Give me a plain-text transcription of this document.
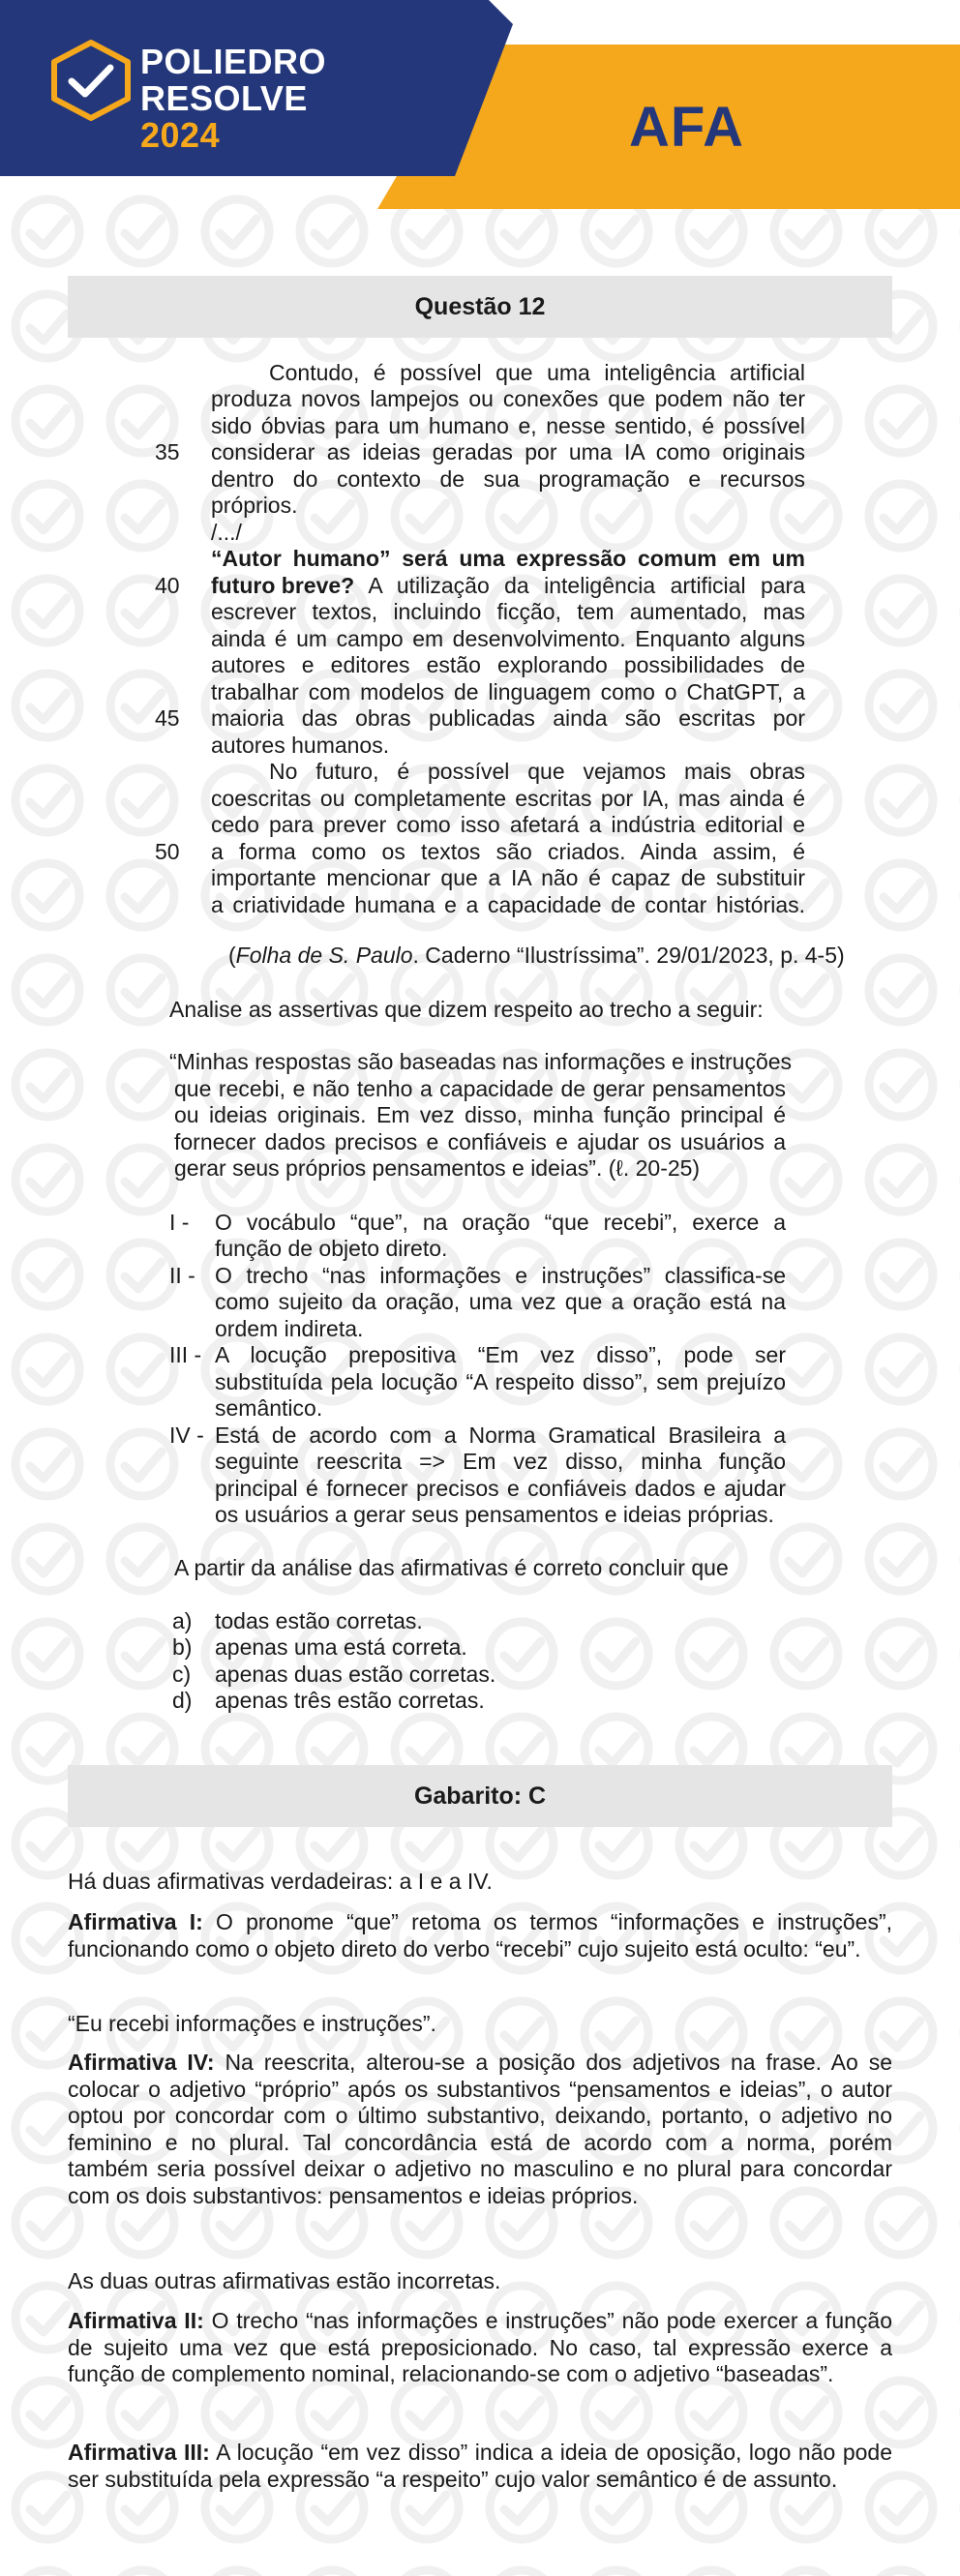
POLIEDRO
RESOLVE
2024	AFA
Questão 12
Contudo, é possível que uma inteligência artificial
produza novos lampejos ou conexões que podem não ter
sido óbvias para um humano e, nesse sentido, é possível
considerar as ideias geradas por uma IA como originais
dentro do contexto de sua programação e recursos
próprios.
/.../
“Autor humano” será uma expressão comum em um
futuro breve? A utilização da inteligência artificial para
escrever textos, incluindo ficção, tem aumentado, mas
ainda é um campo em desenvolvimento. Enquanto alguns
autores e editores estão explorando possibilidades de
trabalhar com modelos de linguagem como o ChatGPT, a
maioria das obras publicadas ainda são escritas por
autores humanos.
No futuro, é possível que vejamos mais obras
coescritas ou completamente escritas por IA, mas ainda é
cedo para prever como isso afetará a indústria editorial e
a forma como os textos são criados. Ainda assim, é
importante mencionar que a IA não é capaz de substituir
a criatividade humana e a capacidade de contar histórias.
35
40
45
50
(Folha de S. Paulo. Caderno “Ilustríssima”. 29/01/2023, p. 4-5)
Analise as assertivas que dizem respeito ao trecho a seguir:
“Minhas respostas são baseadas nas informações e instruções
que recebi, e não tenho a capacidade de gerar pensamentos
ou ideias originais. Em vez disso, minha função principal é
fornecer dados precisos e confiáveis e ajudar os usuários a
gerar seus próprios pensamentos e ideias”. (ℓ. 20-25)
I - O vocábulo “que”, na oração “que recebi”, exerce a
função de objeto direto.
II - O trecho “nas informações e instruções” classifica-se
como sujeito da oração, uma vez que a oração está na
ordem indireta.
III - A locução prepositiva “Em vez disso”, pode ser
substituída pela locução “A respeito disso”, sem prejuízo
semântico.
IV - Está de acordo com a Norma Gramatical Brasileira a
seguinte reescrita => Em vez disso, minha função
principal é fornecer precisos e confiáveis dados e ajudar
os usuários a gerar seus pensamentos e ideias próprias.
A partir da análise das afirmativas é correto concluir que
a) todas estão corretas.
b) apenas uma está correta.
c) apenas duas estão corretas.
d) apenas três estão corretas.
Gabarito: C
Há duas afirmativas verdadeiras: a I e a IV.
Afirmativa I: O pronome “que” retoma os termos “informações e instruções”, funcionando como o objeto direto do verbo “recebi” cujo sujeito está oculto: “eu”.
“Eu recebi informações e instruções”.
Afirmativa IV: Na reescrita, alterou-se a posição dos adjetivos na frase. Ao se colocar o adjetivo “próprio” após os substantivos “pensamentos e ideias”, o autor optou por concordar com o último substantivo, deixando, portanto, o adjetivo no feminino e no plural. Tal concordância está de acordo com a norma, porém também seria possível deixar o adjetivo no masculino e no plural para concordar com os dois substantivos: pensamentos e ideias próprios.
As duas outras afirmativas estão incorretas.
Afirmativa II: O trecho “nas informações e instruções” não pode exercer a função de sujeito uma vez que está preposicionado. No caso, tal expressão exerce a função de complemento nominal, relacionando-se com o adjetivo “baseadas”.
Afirmativa III: A locução “em vez disso” indica a ideia de oposição, logo não pode ser substituída pela expressão “a respeito” cujo valor semântico é de assunto.
